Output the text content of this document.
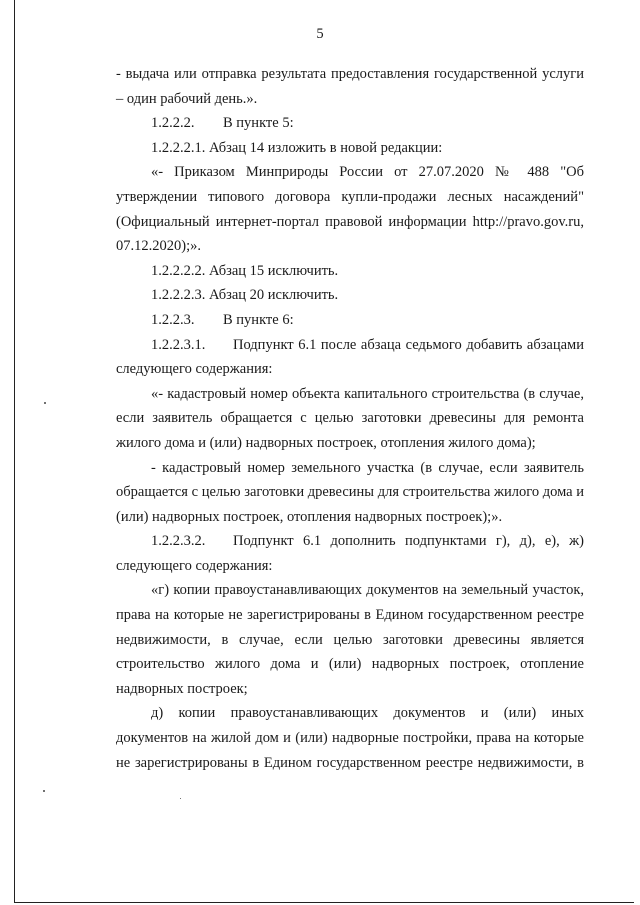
5

- выдача или отправка результата предоставления государственной услуги – один рабочий день.».

1.2.2.2. В пункте 5:

1.2.2.2.1. Абзац 14 изложить в новой редакции:

«- Приказом Минприроды России от 27.07.2020 № 488 "Об утверждении типового договора купли-продажи лесных насаждений" (Официальный интернет-портал правовой информации http://pravo.gov.ru, 07.12.2020);».

1.2.2.2.2. Абзац 15 исключить.

1.2.2.2.3. Абзац 20 исключить.

1.2.2.3. В пункте 6:

1.2.2.3.1. Подпункт 6.1 после абзаца седьмого добавить абзацами следующего содержания:

«- кадастровый номер объекта капитального строительства (в случае, если заявитель обращается с целью заготовки древесины для ремонта жилого дома и (или) надворных построек, отопления жилого дома);

- кадастровый номер земельного участка (в случае, если заявитель обращается с целью заготовки древесины для строительства жилого дома и (или) надворных построек, отопления надворных построек);».

1.2.2.3.2. Подпункт 6.1 дополнить подпунктами г), д), е), ж) следующего содержания:

«г) копии правоустанавливающих документов на земельный участок, права на которые не зарегистрированы в Едином государственном реестре недвижимости, в случае, если целью заготовки древесины является строительство жилого дома и (или) надворных построек, отопление надворных построек;

д) копии правоустанавливающих документов и (или) иных документов на жилой дом и (или) надворные постройки, права на которые не зарегистрированы в Едином государственном реестре недвижимости, в
